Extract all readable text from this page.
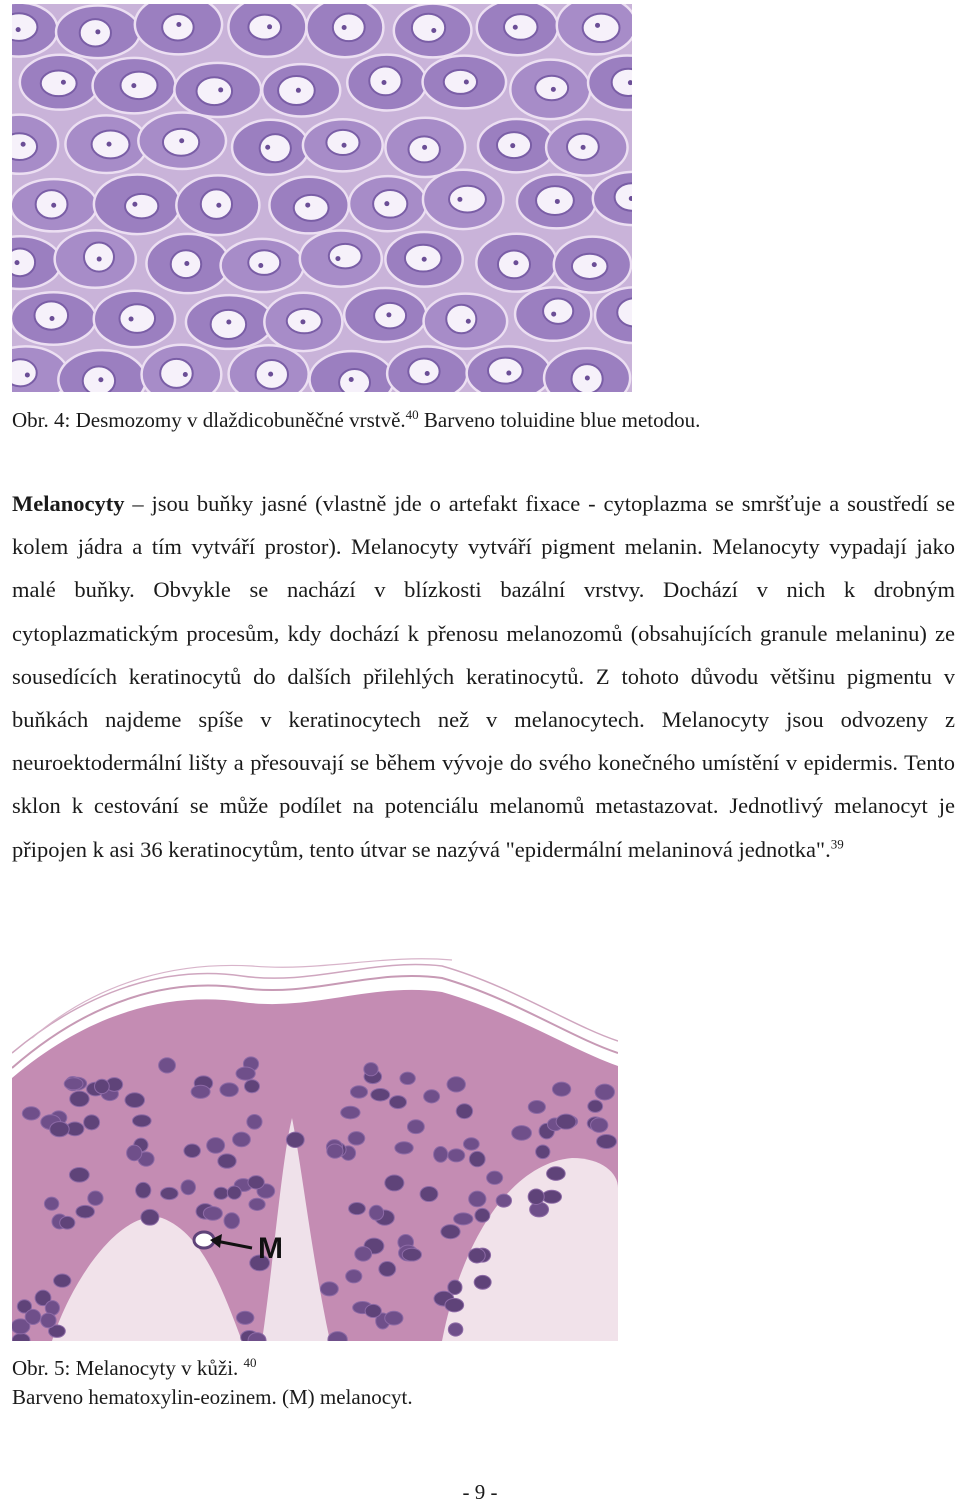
Obr. 4: Desmozomy v dlaždicobuněčné vrstvě.$^{40}$ Barveno toluidine blue metodou.
Melanocyty – jsou buňky jasné (vlastně jde o artefakt fixace - cytoplazma se smršťuje a soustředí se kolem jádra a tím vytváří prostor). Melanocyty vytváří pigment melanin. Melanocyty vypadají jako malé buňky. Obvykle se nachází v blízkosti bazální vrstvy. Dochází v nich k drobným cytoplazmatickým procesům, kdy dochází k přenosu melanozomů (obsahujících granule melaninu) ze sousedících keratinocytů do dalších přilehlých keratinocytů. Z tohoto důvodu většinu pigmentu v buňkách najdeme spíše v keratinocytech než v melanocytech. Melanocyty jsou odvozeny z neuroektodermální lišty a přesouvají se během vývoje do svého konečného umístění v epidermis. Tento sklon k cestování se může podílet na potenciálu melanomů metastazovat. Jednotlivý melanocyt je připojen k asi 36 keratinocytům, tento útvar se nazývá "epidermální melaninová jednotka".$^{39}$
M
Obr. 5: Melanocyty v kůži. $^{40}$
Barveno hematoxylin-eozinem. (M) melanocyt.
- 9 -
